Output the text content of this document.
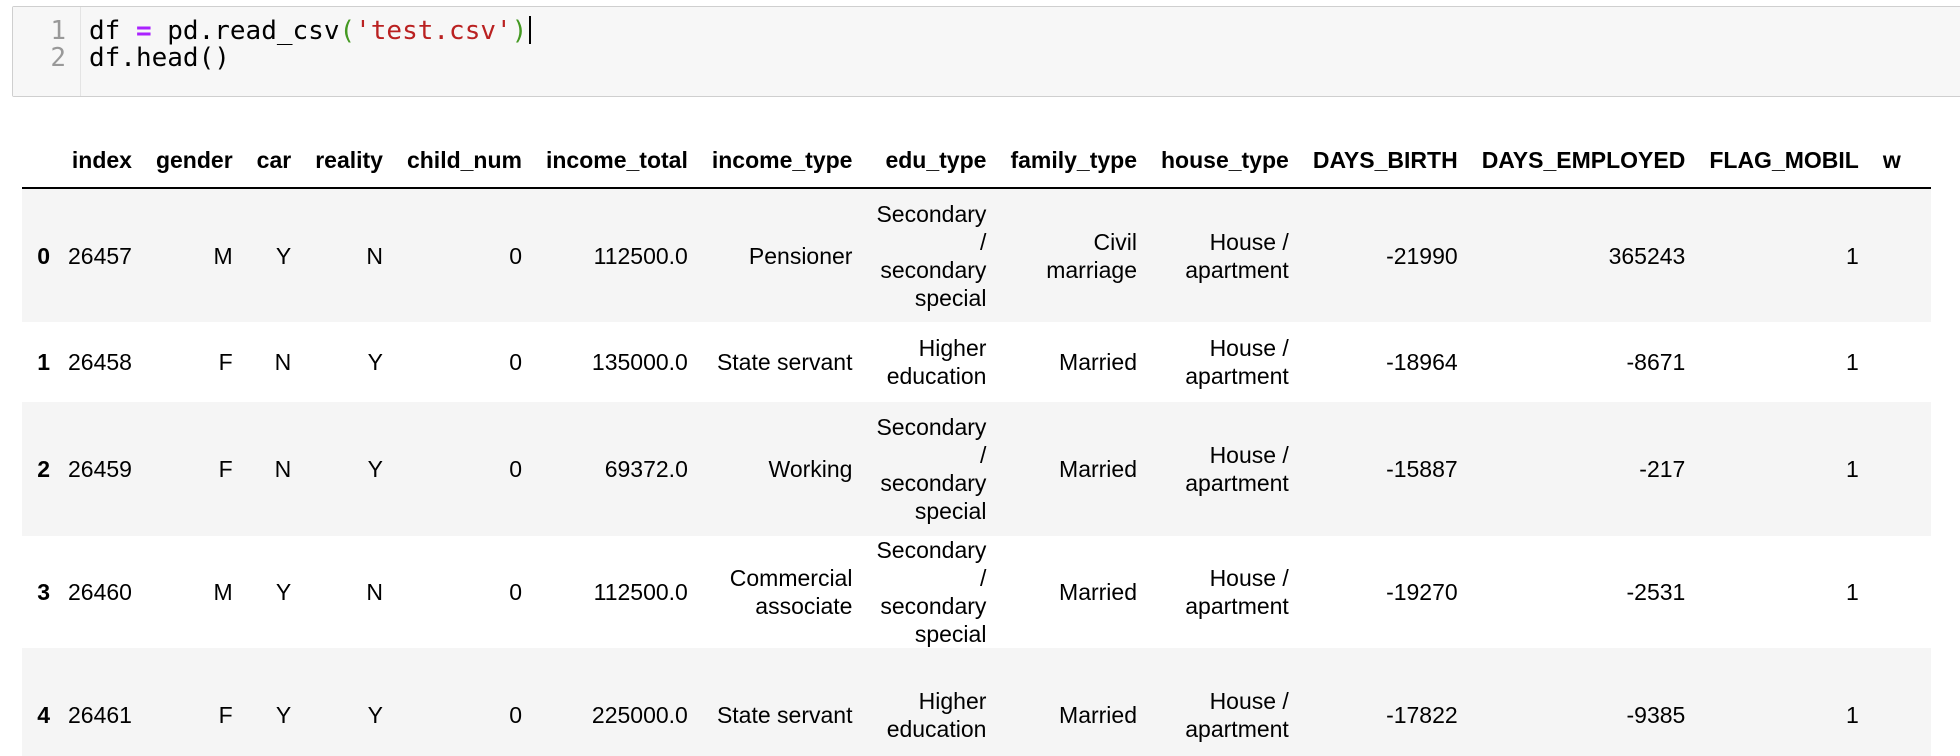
1
2
df = pd.read_csv('test.csv')
df.head()
	index	gender	car	reality	child_num	income_total	income_type	edu_type	family_type	house_type	DAYS_BIRTH	DAYS_EMPLOYED	FLAG_MOBIL	w
0	26457	M	Y	N	0	112500.0	Pensioner	Secondary / secondary special	Civil marriage	House / apartment	-21990	365243	1	
1	26458	F	N	Y	0	135000.0	State servant	Higher education	Married	House / apartment	-18964	-8671	1	
2	26459	F	N	Y	0	69372.0	Working	Secondary / secondary special	Married	House / apartment	-15887	-217	1	
3	26460	M	Y	N	0	112500.0	Commercial associate	Secondary / secondary special	Married	House / apartment	-19270	-2531	1	
4	26461	F	Y	Y	0	225000.0	State servant	Higher education	Married	House / apartment	-17822	-9385	1	
